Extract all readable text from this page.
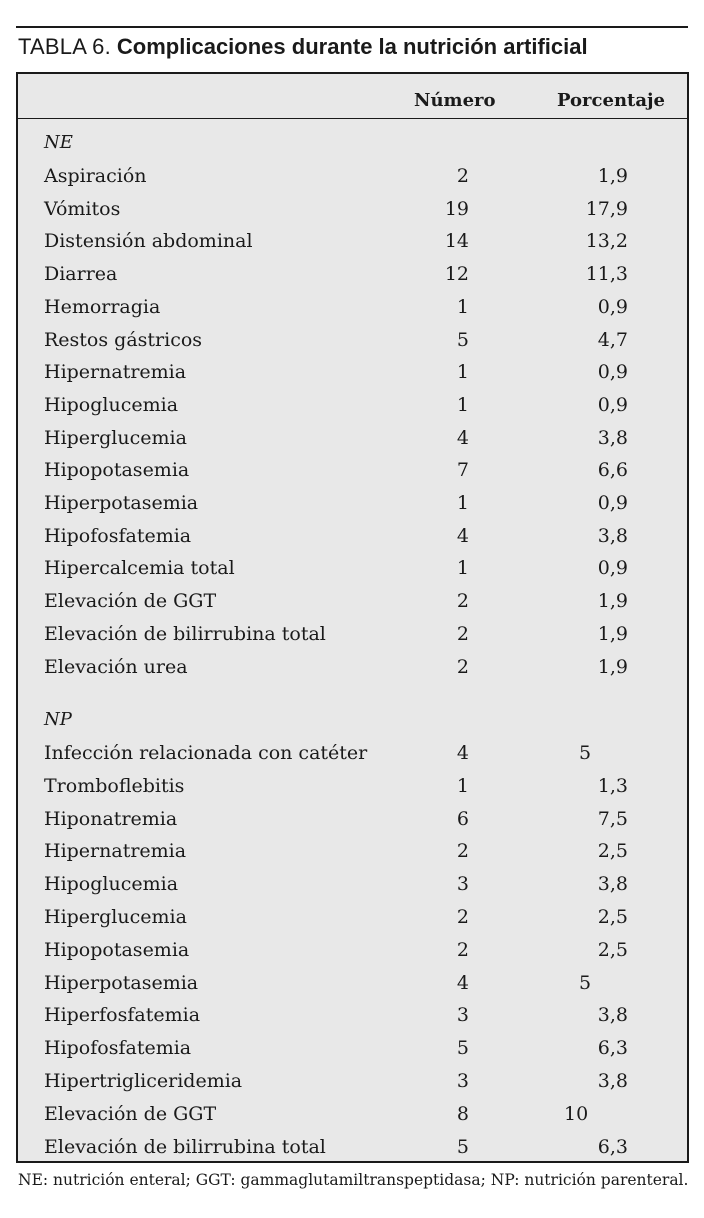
TABLA 6. Complicaciones durante la nutrición artificial
Número	Porcentaje
NE
Aspiración	2	1,9
Vómitos	19	17,9
Distensión abdominal	14	13,2
Diarrea	12	11,3
Hemorragia	1	0,9
Restos gástricos	5	4,7
Hipernatremia	1	0,9
Hipoglucemia	1	0,9
Hiperglucemia	4	3,8
Hipopotasemia	7	6,6
Hiperpotasemia	1	0,9
Hipofosfatemia	4	3,8
Hipercalcemia total	1	0,9
Elevación de GGT	2	1,9
Elevación de bilirrubina total	2	1,9
Elevación urea	2	1,9
NP
Infección relacionada con catéter	4	5
Tromboflebitis	1	1,3
Hiponatremia	6	7,5
Hipernatremia	2	2,5
Hipoglucemia	3	3,8
Hiperglucemia	2	2,5
Hipopotasemia	2	2,5
Hiperpotasemia	4	5
Hiperfosfatemia	3	3,8
Hipofosfatemia	5	6,3
Hipertrigliceridemia	3	3,8
Elevación de GGT	8	10
Elevación de bilirrubina total	5	6,3
NE: nutrición enteral; GGT: gammaglutamiltranspeptidasa; NP: nutrición parenteral.
